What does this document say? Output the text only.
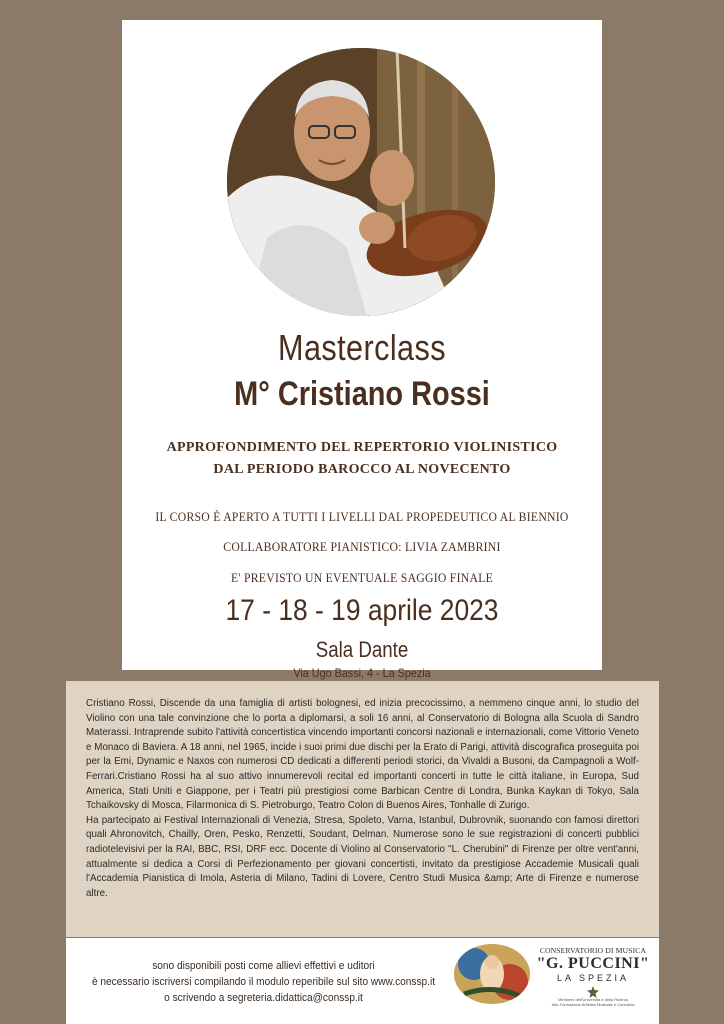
Masterclass
M° Cristiano Rossi
APPROFONDIMENTO DEL REPERTORIO VIOLINISTICO
DAL PERIODO BAROCCO AL NOVECENTO
IL CORSO È APERTO A TUTTI I LIVELLI DAL PROPEDEUTICO AL BIENNIO
COLLABORATORE PIANISTICO: LIVIA ZAMBRINI
E' PREVISTO UN EVENTUALE SAGGIO FINALE
17 - 18 - 19 aprile 2023
Sala Dante
Via Ugo Bassi, 4 - La Spezia

Cristiano Rossi, Discende da una famiglia di artisti bolognesi, ed inizia precocissimo, a nemmeno cinque anni, lo studio del Violino con una tale convinzione che lo porta a diplomarsi, a soli 16 anni, al Conservatorio di Bologna alla Scuola di Sandro Materassi. Intraprende subito l'attività concertistica vincendo importanti concorsi nazionali e internazionali, come Vittorio Veneto e Monaco di Baviera. A 18 anni, nel 1965, incide i suoi primi due dischi per la Erato di Parigi, attività discografica proseguita poi per la Emi, Dynamic e Naxos con numerosi CD dedicati a differenti periodi storici, da Vivaldi a Busoni, da Campagnoli a Wolf- Ferrari.Cristiano Rossi ha al suo attivo innumerevoli recital ed importanti concerti in tutte le città italiane, in Europa, Sud America, Stati Uniti e Giappone, per i Teatri più prestigiosi come Barbican Centre di Londra, Bunka Kaykan di Tokyo, Sala Tchaikovsky di Mosca, Filarmonica di S. Pietroburgo, Teatro Colon di Buenos Aires, Tonhalle di Zurigo.

Ha partecipato ai Festival Internazionali di Venezia, Stresa, Spoleto, Varna, Istanbul, Dubrovnik, suonando con famosi direttori quali Ahronovitch, Chailly, Oren, Pesko, Renzetti, Soudant, Delman. Numerose sono le sue registrazioni di concerti pubblici radiotelevisivi per la RAI, BBC, RSI, DRF ecc. Docente di Violino al Conservatorio "L. Cherubini" di Firenze per oltre vent'anni, attualmente si dedica a Corsi di Perfezionamento per giovani concertisti, invitato da prestigiose Accademie Musicali quali l'Accademia Pianistica di Imola, Asteria di Milano, Tadini di Lovere, Centro Studi Musica &amp; Arte di Firenze e numerose altre.

sono disponibili posti come allievi effettivi e uditori
è necessario iscriversi compilando il modulo reperibile sul sito www.conssp.it
o scrivendo a segreteria.didattica@conssp.it
CONSERVATORIO DI MUSICA
"G. PUCCINI"
LA SPEZIA
Ministero dell'Università e della Ricerca
Alta Formazione Artistica Musicale e Coreutica
